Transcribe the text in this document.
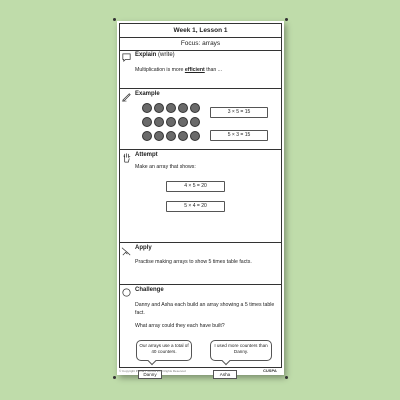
Week 1, Lesson 1
Focus: arrays
Explain (write)
Multiplication is more efficient than ...
Example
3 × 5 = 15
5 × 3 = 15
Attempt
Make an array that shows:
4 × 5 = 20
5 × 4 = 20
Apply
Practise making arrays to show 5 times table facts.
Challenge
Danny and Asha each build an array showing a 5 times table fact.
What array could they each have built?
Our arrays use a total of 40 counters.
I used more counters than Danny.
Danny	Asha
© Copyright Primary School ● All Rights Reserved	CUSPA
